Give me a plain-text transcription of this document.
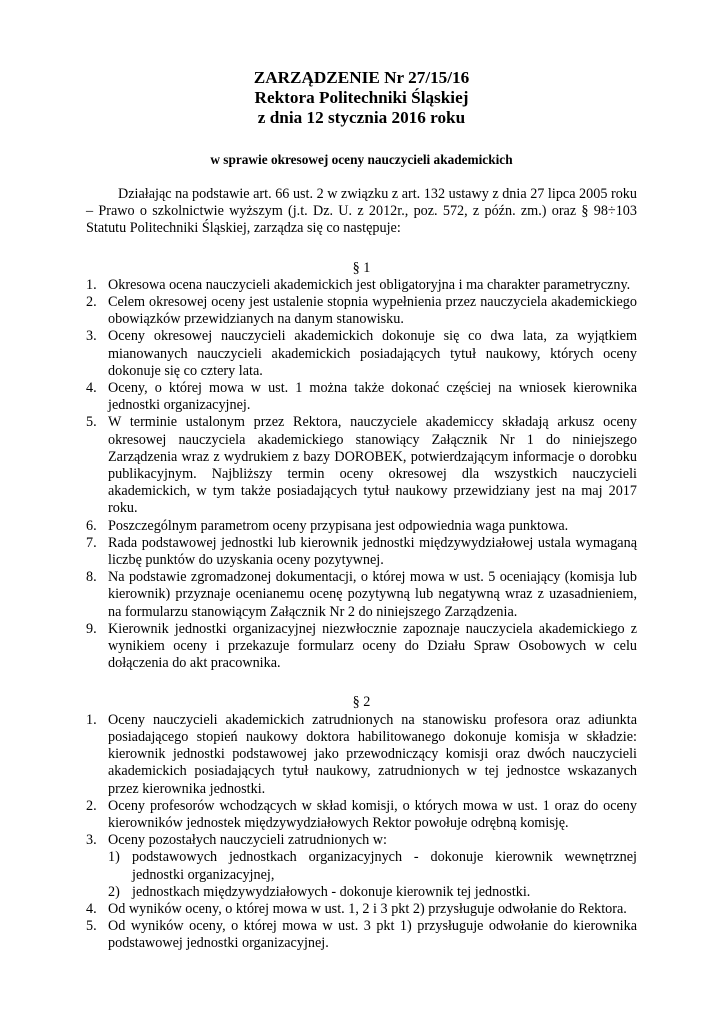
ZARZĄDZENIE Nr 27/15/16
Rektora Politechniki Śląskiej
z dnia 12 stycznia 2016 roku
w sprawie okresowej oceny nauczycieli akademickich

Działając na podstawie art. 66 ust. 2 w związku z art. 132 ustawy z dnia 27 lipca 2005 roku – Prawo o szkolnictwie wyższym (j.t. Dz. U. z 2012r., poz. 572, z późn. zm.) oraz § 98÷103 Statutu Politechniki Śląskiej, zarządza się co następuje:

§ 1
1. Okresowa ocena nauczycieli akademickich jest obligatoryjna i ma charakter parametryczny.
2. Celem okresowej oceny jest ustalenie stopnia wypełnienia przez nauczyciela akademickiego obowiązków przewidzianych na danym stanowisku.
3. Oceny okresowej nauczycieli akademickich dokonuje się co dwa lata, za wyjątkiem mianowanych nauczycieli akademickich posiadających tytuł naukowy, których oceny dokonuje się co cztery lata.
4. Oceny, o której mowa w ust. 1 można także dokonać częściej na wniosek kierownika jednostki organizacyjnej.
5. W terminie ustalonym przez Rektora, nauczyciele akademiccy składają arkusz oceny okresowej nauczyciela akademickiego stanowiący Załącznik Nr 1 do niniejszego Zarządzenia wraz z wydrukiem z bazy DOROBEK, potwierdzającym informacje o dorobku publikacyjnym. Najbliższy termin oceny okresowej dla wszystkich nauczycieli akademickich, w tym także posiadających tytuł naukowy przewidziany jest na maj 2017 roku.
6. Poszczególnym parametrom oceny przypisana jest odpowiednia waga punktowa.
7. Rada podstawowej jednostki lub kierownik jednostki międzywydziałowej ustala wymaganą liczbę punktów do uzyskania oceny pozytywnej.
8. Na podstawie zgromadzonej dokumentacji, o której mowa w ust. 5 oceniający (komisja lub kierownik) przyznaje ocenianemu ocenę pozytywną lub negatywną wraz z uzasadnieniem, na formularzu stanowiącym Załącznik Nr 2 do niniejszego Zarządzenia.
9. Kierownik jednostki organizacyjnej niezwłocznie zapoznaje nauczyciela akademickiego z wynikiem oceny i przekazuje formularz oceny do Działu Spraw Osobowych w celu dołączenia do akt pracownika.
§ 2
1. Oceny nauczycieli akademickich zatrudnionych na stanowisku profesora oraz adiunkta posiadającego stopień naukowy doktora habilitowanego dokonuje komisja w składzie: kierownik jednostki podstawowej jako przewodniczący komisji oraz dwóch nauczycieli akademickich posiadających tytuł naukowy, zatrudnionych w tej jednostce wskazanych przez kierownika jednostki.
2. Oceny profesorów wchodzących w skład komisji, o których mowa w ust. 1 oraz do oceny kierowników jednostek międzywydziałowych Rektor powołuje odrębną komisję.
3. Oceny pozostałych nauczycieli zatrudnionych w:
1) podstawowych jednostkach organizacyjnych - dokonuje kierownik wewnętrznej jednostki organizacyjnej,
2) jednostkach międzywydziałowych - dokonuje kierownik tej jednostki.
4. Od wyników oceny, o której mowa w ust. 1, 2 i 3 pkt 2) przysługuje odwołanie do Rektora.
5. Od wyników oceny, o której mowa w ust. 3 pkt 1) przysługuje odwołanie do kierownika podstawowej jednostki organizacyjnej.
